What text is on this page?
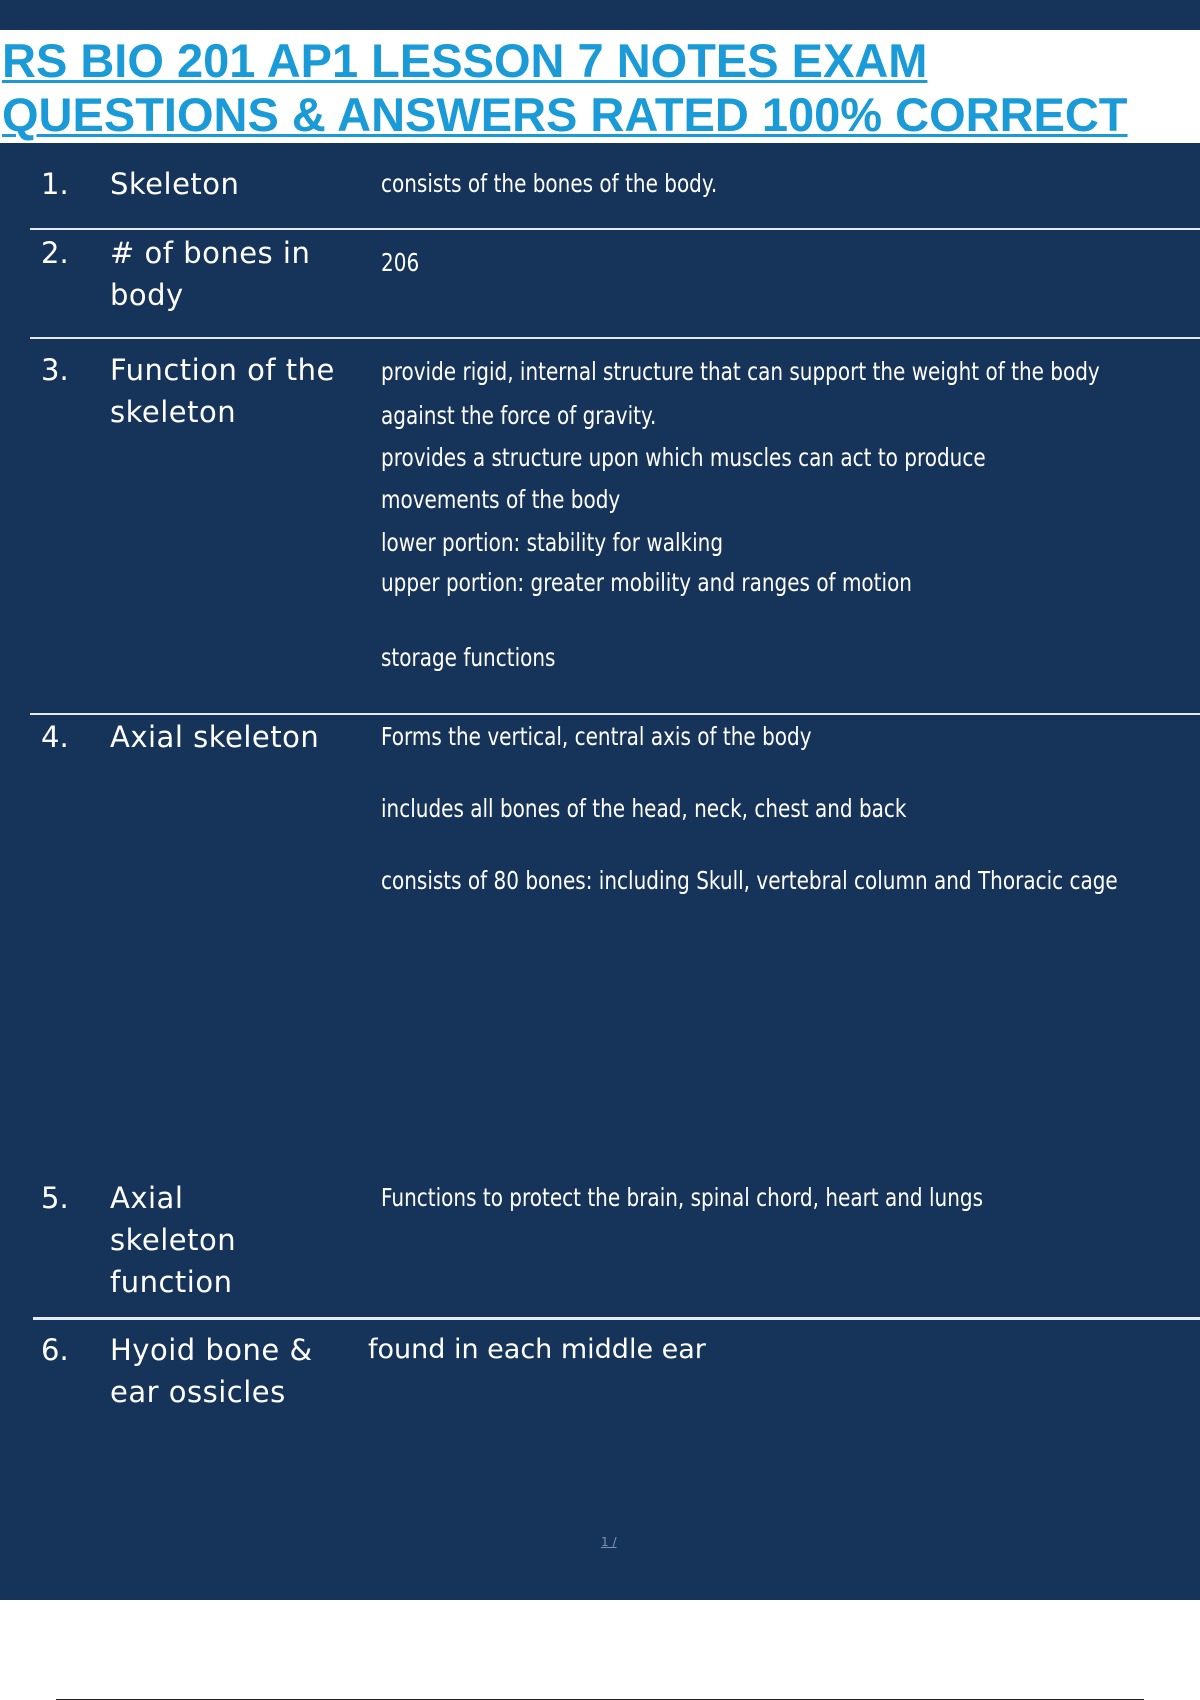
RS BIO 201 AP1 LESSON 7 NOTES EXAM
QUESTIONS & ANSWERS RATED 100% CORRECT
1. Skeleton	consists of the bones of the body.
2. # of bones in body
206
3. Function of the skeleton
provide rigid, internal structure that can support the weight of the body
against the force of gravity.
provides a structure upon which muscles can act to produce
movements of the body
lower portion: stability for walking
upper portion: greater mobility and ranges of motion
storage functions
4. Axial skeleton	Forms the vertical, central axis of the body
includes all bones of the head, neck, chest and back
consists of 80 bones: including Skull, vertebral column and Thoracic cage
5. Axial skeleton function
Functions to protect the brain, spinal chord, heart and lungs
6. Hyoid bone & ear ossicles
found in each middle ear
1 /
